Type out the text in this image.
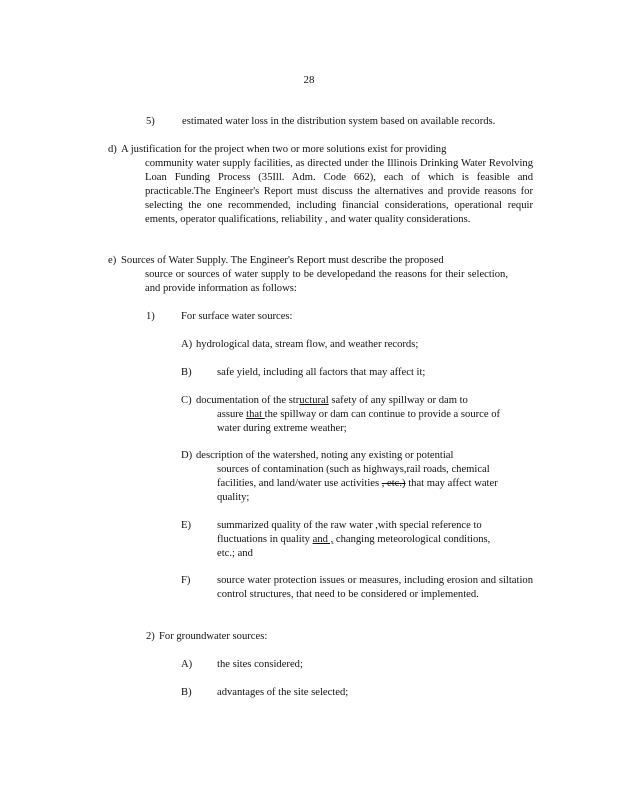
28
5)	estimated water loss in the distribution system based on available records.

d) A justification for the project when two or more solutions exist for providing

community water supply facilities, as directed under the Illinois Drinking Water Revolving Loan Funding Process (35Ill. Adm. Code 662), each of which is feasible and practicable.The Engineer's Report must discuss the alternatives and provide reasons for selecting the one recommended, including financial considerations, operational requir ements, operator qualifications, reliability , and water quality considerations.

e) Sources of Water Supply. The Engineer's Report must describe the proposed

source or sources of water supply to be developedand the reasons for their selection, and provide information as follows:

1) For surface water sources:

A) hydrological data, stream flow, and weather records;

B) safe yield, including all factors that may affect it;

C) documentation of the structural safety of any spillway or dam to

assure that the spillway or dam can continue to provide a source of

water during extreme weather;

D) description of the watershed, noting any existing or potential

sources of contamination (such as highways,rail roads, chemical

facilities, and land/water use activities , etc.) that may affect water

quality;

E) summarized quality of the raw water ,with special reference to

fluctuations in quality and , changing meteorological conditions,

etc.; and

F)	source water protection issues or measures, including erosion and siltation control structures, that need to be considered or implemented.

2) For groundwater sources:

A) the sites considered;

B) advantages of the site selected;
